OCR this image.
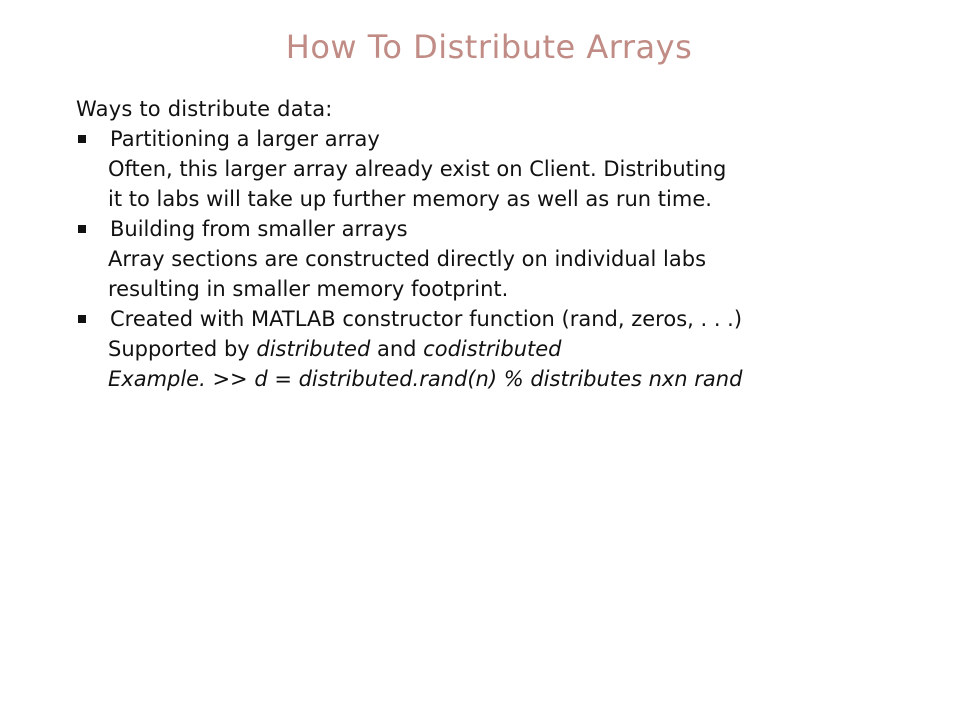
How To Distribute Arrays
Ways to distribute data:
Partitioning a larger array
Often, this larger array already exist on Client. Distributing
it to labs will take up further memory as well as run time.
Building from smaller arrays
Array sections are constructed directly on individual labs
resulting in smaller memory footprint.
Created with MATLAB constructor function (rand, zeros, . . .)
Supported by distributed and codistributed
Example. >> d = distributed.rand(n) % distributes nxn rand
